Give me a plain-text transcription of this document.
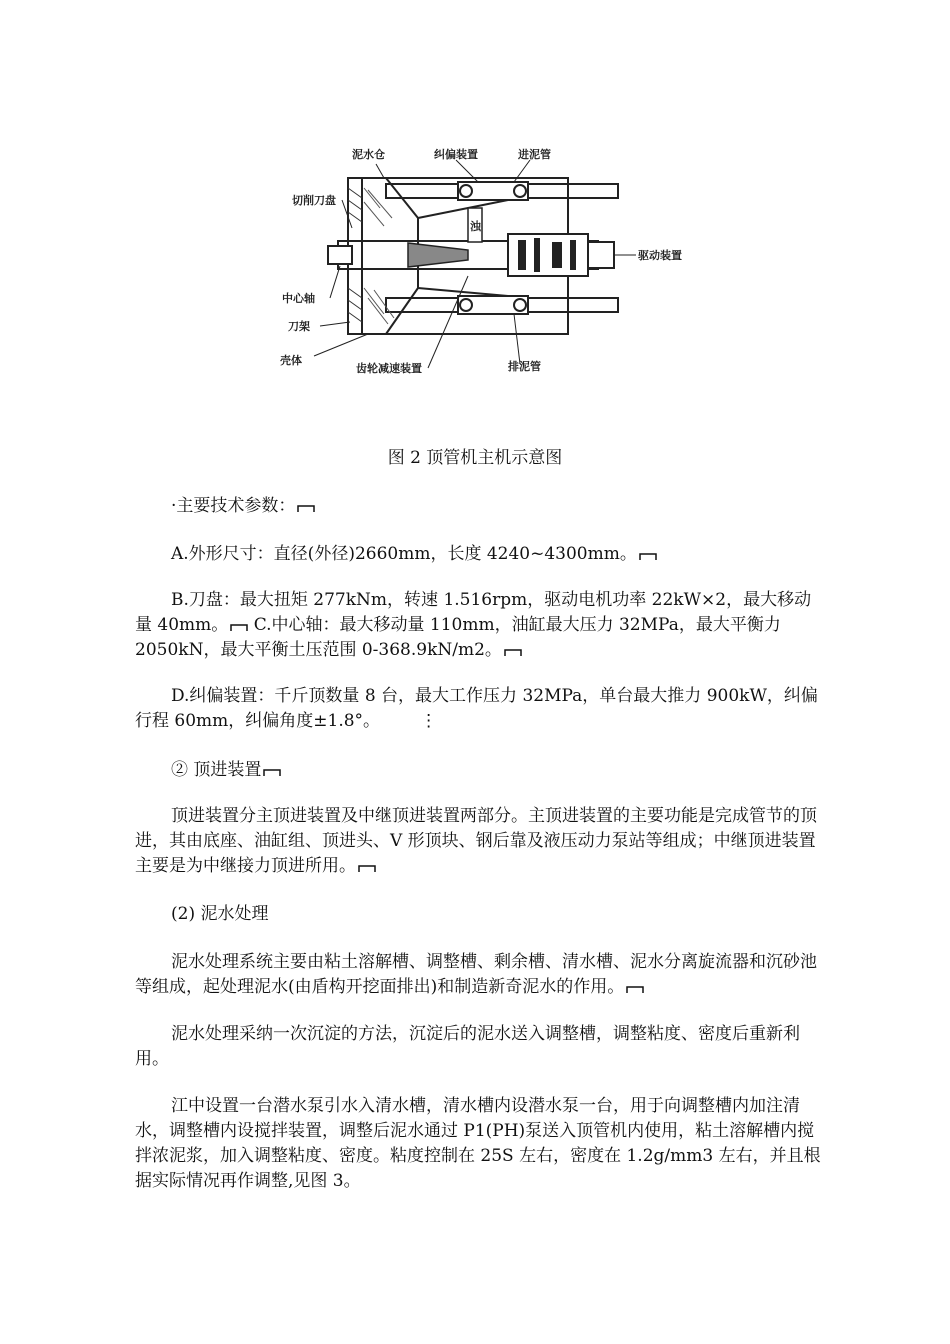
浊
泥水仓	纠偏装置	进泥管
切削刀盘
驱动装置
中心轴
刀架
壳体
齿轮减速装置	排泥管
图 2 顶管机主机示意图

·主要技术参数：

A.外形尺寸：直径(外径)2660mm，长度 4240~4300mm。

B.刀盘：最大扭矩 277kNm，转速 1.516rpm，驱动电机功率 22kW×2，最大移动量 40mm。 C.中心轴：最大移动量 110mm，油缸最大压力 32MPa，最大平衡力 2050kN，最大平衡土压范围 0-368.9kN/m2。

D.纠偏装置：千斤顶数量 8 台，最大工作压力 32MPa，单台最大推力 900kW，纠偏行程 60mm，纠偏角度±1.8°。 ⋮

② 顶进装置

顶进装置分主顶进装置及中继顶进装置两部分。主顶进装置的主要功能是完成管节的顶进，其由底座、油缸组、顶进头、V 形顶块、钢后靠及液压动力泵站等组成；中继顶进装置主要是为中继接力顶进所用。

(2) 泥水处理

泥水处理系统主要由粘土溶解槽、调整槽、剩余槽、清水槽、泥水分离旋流器和沉砂池等组成，起处理泥水(由盾构开挖面排出)和制造新奇泥水的作用。

泥水处理采纳一次沉淀的方法，沉淀后的泥水送入调整槽，调整粘度、密度后重新利用。

江中设置一台潜水泵引水入清水槽，清水槽内设潜水泵一台，用于向调整槽内加注清水，调整槽内设搅拌装置，调整后泥水通过 P1(PH)泵送入顶管机内使用，粘土溶解槽内搅拌浓泥浆，加入调整粘度、密度。粘度控制在 25S 左右，密度在 1.2g/mm3 左右，并且根据实际情况再作调整,见图 3。
